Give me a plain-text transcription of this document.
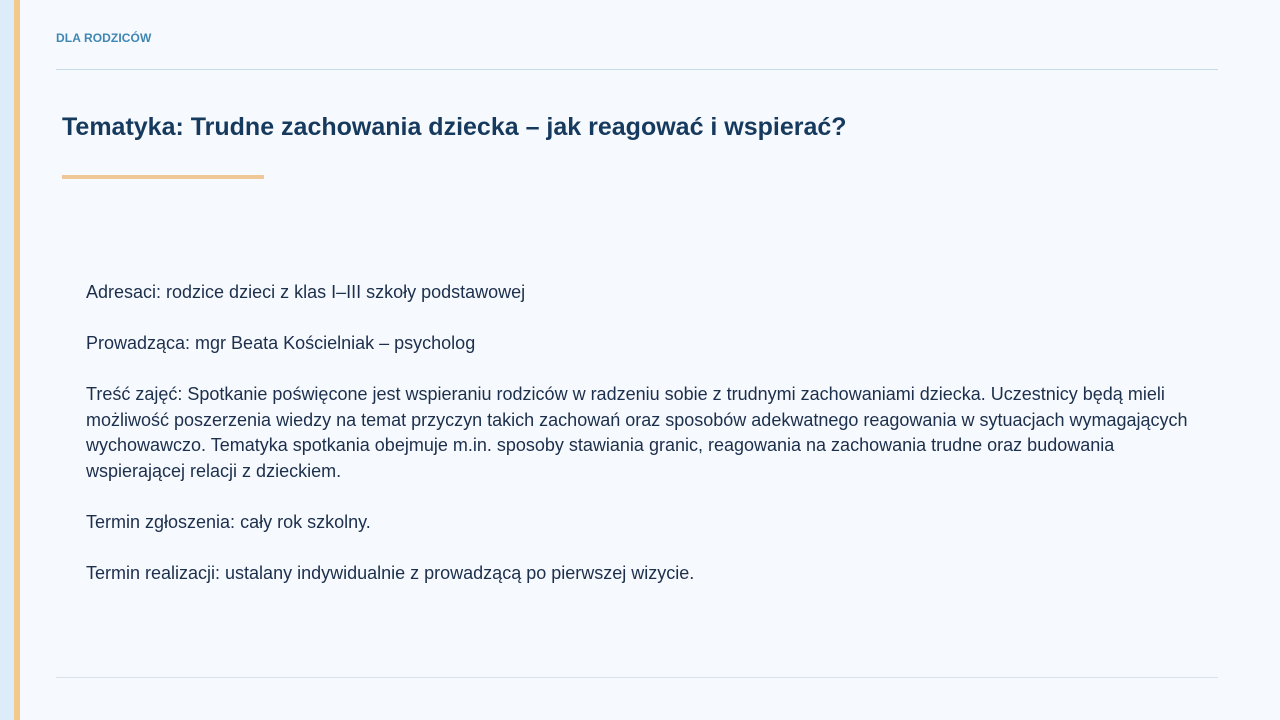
DLA RODZICÓW
Tematyka: Trudne zachowania dziecka – jak reagować i wspierać?

Adresaci: rodzice dzieci z klas I–III szkoły podstawowej

Prowadząca: mgr Beata Kościelniak – psycholog

Treść zajęć: Spotkanie poświęcone jest wspieraniu rodziców w radzeniu sobie z trudnymi zachowaniami dziecka. Uczestnicy będą mieli możliwość poszerzenia wiedzy na temat przyczyn takich zachowań oraz sposobów adekwatnego reagowania w sytuacjach wymagających wychowawczo. Tematyka spotkania obejmuje m.in. sposoby stawiania granic, reagowania na zachowania trudne oraz budowania wspierającej relacji z dzieckiem.

Termin zgłoszenia: cały rok szkolny.

Termin realizacji: ustalany indywidualnie z prowadzącą po pierwszej wizycie.
